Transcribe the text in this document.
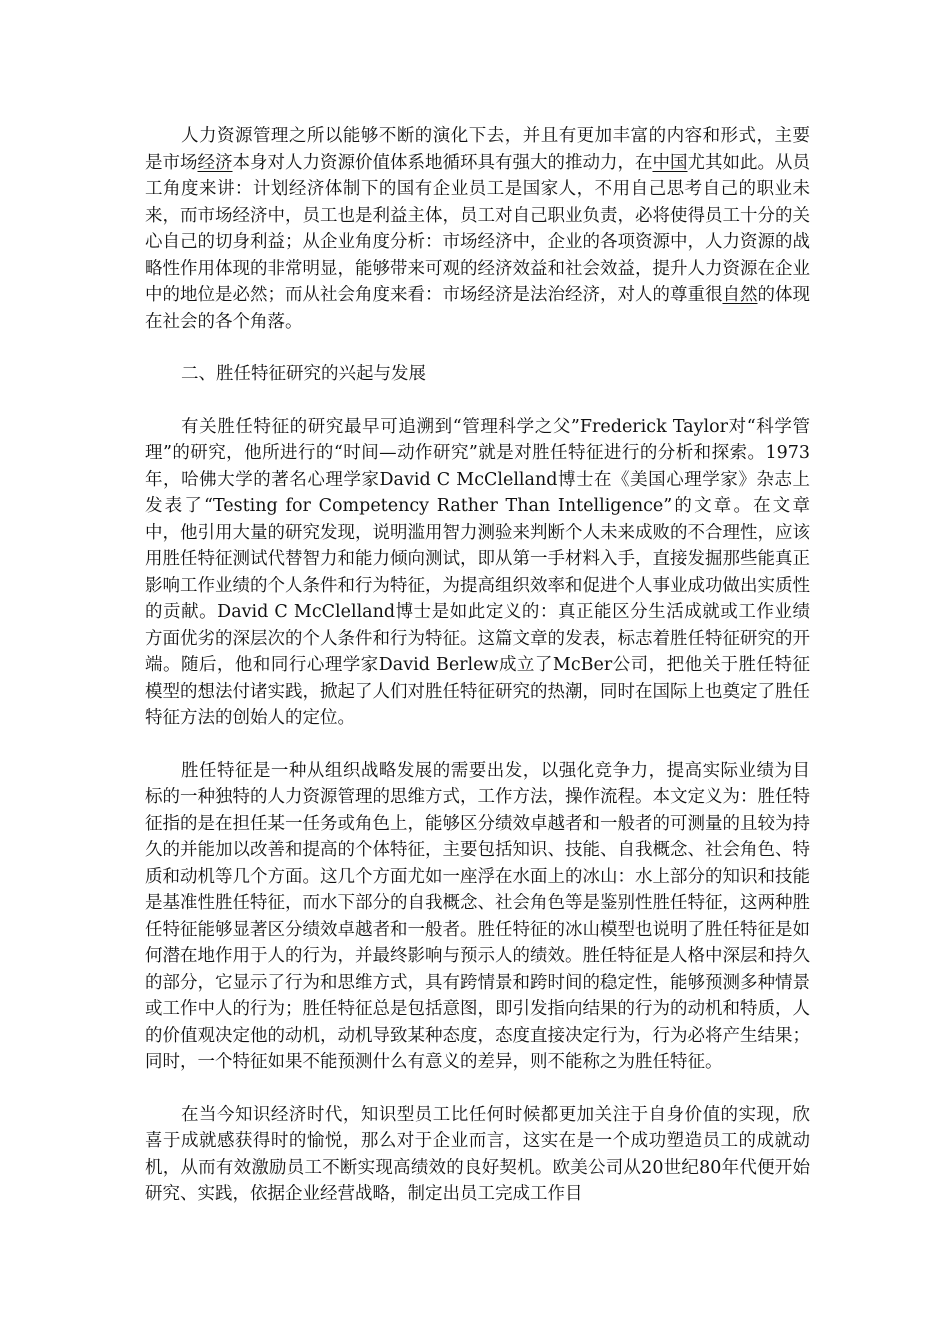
人力资源管理之所以能够不断的演化下去，并且有更加丰富的内容和形式，主要是市场经济本身对人力资源价值体系地循环具有强大的推动力，在中国尤其如此。从员工角度来讲：计划经济体制下的国有企业员工是国家人，不用自己思考自己的职业未来，而市场经济中，员工也是利益主体，员工对自己职业负责，必将使得员工十分的关心自己的切身利益；从企业角度分析：市场经济中，企业的各项资源中，人力资源的战略性作用体现的非常明显，能够带来可观的经济效益和社会效益，提升人力资源在企业中的地位是必然；而从社会角度来看：市场经济是法治经济，对人的尊重很自然的体现在社会的各个角落。

二、胜任特征研究的兴起与发展

有关胜任特征的研究最早可追溯到“管理科学之父”Frederick Taylor对“科学管理”的研究，他所进行的“时间—动作研究”就是对胜任特征进行的分析和探索。1973年，哈佛大学的著名心理学家David C McClelland博士在《美国心理学家》杂志上发表了“Testing for Competency Rather Than Intelligence”的文章。在文章中，他引用大量的研究发现，说明滥用智力测验来判断个人未来成败的不合理性，应该用胜任特征测试代替智力和能力倾向测试，即从第一手材料入手，直接发掘那些能真正影响工作业绩的个人条件和行为特征，为提高组织效率和促进个人事业成功做出实质性的贡献。David C McClelland博士是如此定义的：真正能区分生活成就或工作业绩方面优劣的深层次的个人条件和行为特征。这篇文章的发表，标志着胜任特征研究的开端。随后，他和同行心理学家David Berlew成立了McBer公司，把他关于胜任特征模型的想法付诸实践，掀起了人们对胜任特征研究的热潮，同时在国际上也奠定了胜任特征方法的创始人的定位。

胜任特征是一种从组织战略发展的需要出发，以强化竞争力，提高实际业绩为目标的一种独特的人力资源管理的思维方式，工作方法，操作流程。本文定义为：胜任特征指的是在担任某一任务或角色上，能够区分绩效卓越者和一般者的可测量的且较为持久的并能加以改善和提高的个体特征，主要包括知识、技能、自我概念、社会角色、特质和动机等几个方面。这几个方面尤如一座浮在水面上的冰山：水上部分的知识和技能是基准性胜任特征，而水下部分的自我概念、社会角色等是鉴别性胜任特征，这两种胜任特征能够显著区分绩效卓越者和一般者。胜任特征的冰山模型也说明了胜任特征是如何潜在地作用于人的行为，并最终影响与预示人的绩效。胜任特征是人格中深层和持久的部分，它显示了行为和思维方式，具有跨情景和跨时间的稳定性，能够预测多种情景或工作中人的行为；胜任特征总是包括意图，即引发指向结果的行为的动机和特质，人的价值观决定他的动机，动机导致某种态度，态度直接决定行为，行为必将产生结果；同时，一个特征如果不能预测什么有意义的差异，则不能称之为胜任特征。

在当今知识经济时代，知识型员工比任何时候都更加关注于自身价值的实现，欣喜于成就感获得时的愉悦，那么对于企业而言，这实在是一个成功塑造员工的成就动机，从而有效激励员工不断实现高绩效的良好契机。欧美公司从20世纪80年代便开始研究、实践，依据企业经营战略，制定出员工完成工作目
